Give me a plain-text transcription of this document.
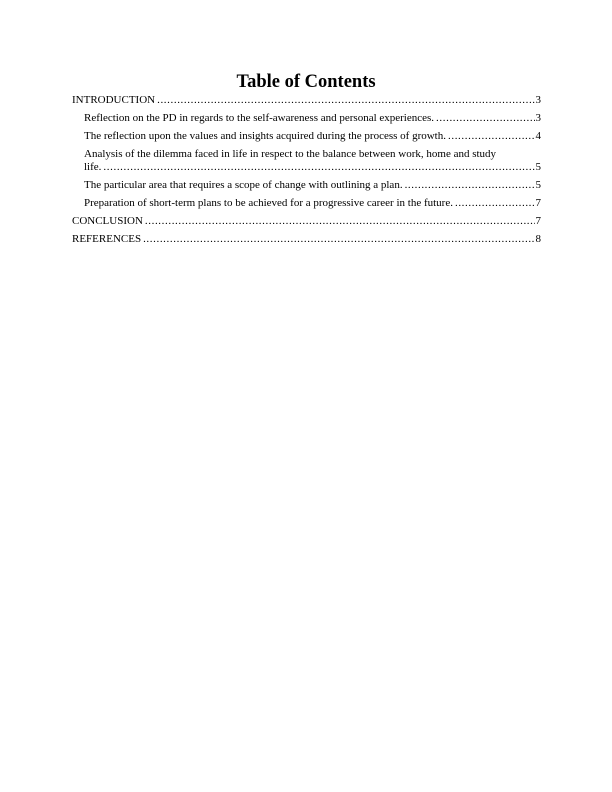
Table of Contents
INTRODUCTION .....	3
Reflection on the PD in regards to the self-awareness and personal experiences. .....	3
The reflection upon the values and insights acquired during the process of growth. .....	4
Analysis of the dilemma faced in life in respect to the balance between work, home and study
life. .....	5
The particular area that requires a scope of change with outlining a plan. .....	5
Preparation of short-term plans to be achieved for a progressive career in the future. .....	7
CONCLUSION .....	7
REFERENCES .....	8
